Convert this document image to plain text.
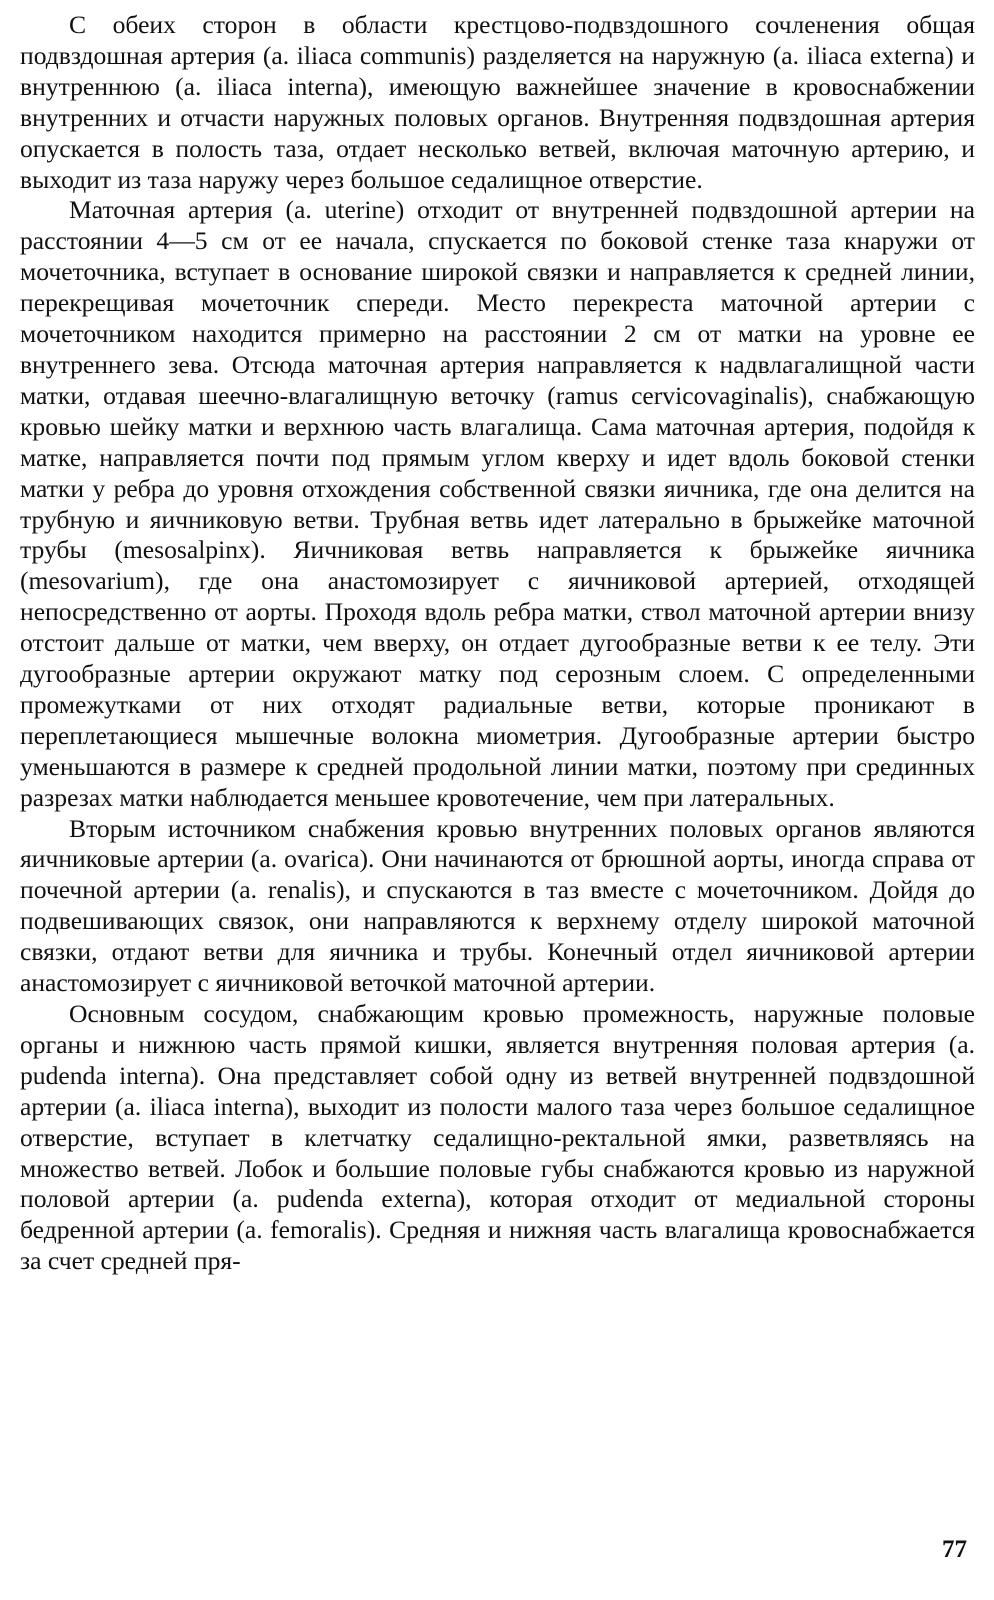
С обеих сторон в области крестцово-подвздошного сочленения общая подвздошная артерия (a. iliaca communis) разделяется на наружную (a. iliaca externa) и внутреннюю (a. iliaca interna), имеющую важнейшее значение в кровоснабжении внутренних и отчасти наружных половых органов. Внутренняя подвздошная артерия опускается в полость таза, отдает несколько ветвей, включая маточную артерию, и выходит из таза наружу через большое седалищное отверстие.

Маточная артерия (a. uterine) отходит от внутренней подвздошной артерии на расстоянии 4—5 см от ее начала, спускается по боковой стенке таза кнаружи от мочеточника, вступает в основание широкой связки и направляется к средней линии, перекрещивая мочеточник спереди. Место перекреста маточной артерии с мочеточником находится примерно на расстоянии 2 см от матки на уровне ее внутреннего зева. Отсюда маточная артерия направляется к надвлагалищной части матки, отдавая шеечно-влагалищную веточку (ramus cervicovaginalis), снабжающую кровью шейку матки и верхнюю часть влагалища. Сама маточная артерия, подойдя к матке, направляется почти под прямым углом кверху и идет вдоль боковой стенки матки у ребра до уровня отхождения собственной связки яичника, где она делится на трубную и яичниковую ветви. Трубная ветвь идет латерально в брыжейке маточной трубы (mesosalpinx). Яичниковая ветвь направляется к брыжейке яичника (mesovarium), где она анастомозирует с яичниковой артерией, отходящей непосредственно от аорты. Проходя вдоль ребра матки, ствол маточной артерии внизу отстоит дальше от матки, чем вверху, он отдает дугообразные ветви к ее телу. Эти дугообразные артерии окружают матку под серозным слоем. С определенными промежутками от них отходят радиальные ветви, которые проникают в переплетающиеся мышечные волокна миометрия. Дугообразные артерии быстро уменьшаются в размере к средней продольной линии матки, поэтому при срединных разрезах матки наблюдается меньшее кровотечение, чем при латеральных.

Вторым источником снабжения кровью внутренних половых органов являются яичниковые артерии (a. ovarica). Они начинаются от брюшной аорты, иногда справа от почечной артерии (a. renalis), и спускаются в таз вместе с мочеточником. Дойдя до подвешивающих связок, они направляются к верхнему отделу широкой маточной связки, отдают ветви для яичника и трубы. Конечный отдел яичниковой артерии анастомозирует с яичниковой веточкой маточной артерии.

Основным сосудом, снабжающим кровью промежность, наружные половые органы и нижнюю часть прямой кишки, является внутренняя половая артерия (a. pudenda interna). Она представляет собой одну из ветвей внутренней подвздошной артерии (a. iliaca interna), выходит из полости малого таза через большое седалищное отверстие, вступает в клетчатку седалищно-ректальной ямки, разветвляясь на множество ветвей. Лобок и большие половые губы снабжаются кровью из наружной половой артерии (a. pudenda externa), которая отходит от медиальной стороны бедренной артерии (a. femoralis). Средняя и нижняя часть влагалища кровоснабжается за счет средней пря-

77
